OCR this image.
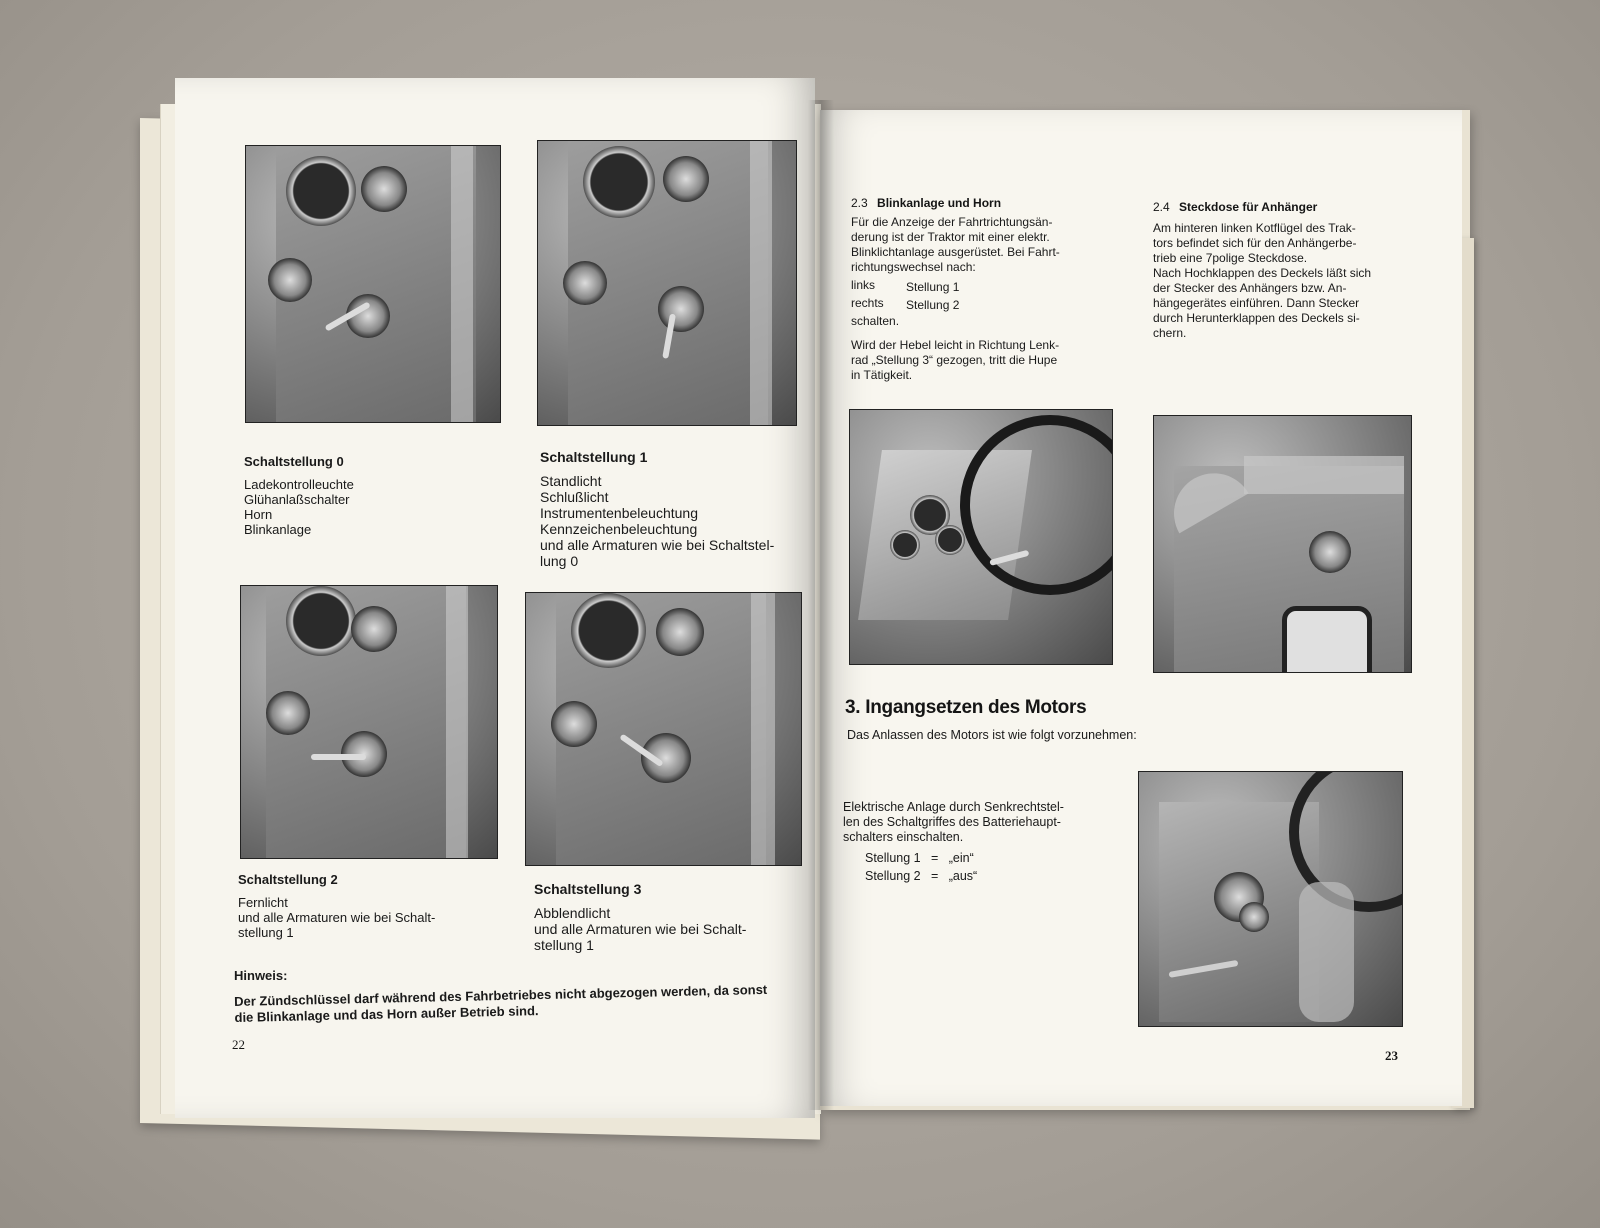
Schaltstellung 0
Ladekontrolleuchte
Glühanlaßschalter
Horn
Blinkanlage
Schaltstellung 1
Standlicht
Schlußlicht
Instrumentenbeleuchtung
Kennzeichenbeleuchtung
und alle Armaturen wie bei Schaltstel-
lung 0
Schaltstellung 2
Fernlicht
und alle Armaturen wie bei Schalt-
stellung 1
Schaltstellung 3
Abblendlicht
und alle Armaturen wie bei Schalt-
stellung 1
Hinweis:
Der Zündschlüssel darf während des Fahrbetriebes nicht abgezogen werden, da sonst
die Blinkanlage und das Horn außer Betrieb sind.
22
2.3 Blinkanlage und Horn
Für die Anzeige der Fahrtrichtungsän-
derung ist der Traktor mit einer elektr.
Blinklichtanlage ausgerüstet. Bei Fahrt-
richtungswechsel nach:
links	Stellung 1
rechts Stellung 2
schalten.
Wird der Hebel leicht in Richtung Lenk-
rad „Stellung 3“ gezogen, tritt die Hupe
in Tätigkeit.
2.4 Steckdose für Anhänger
Am hinteren linken Kotflügel des Trak-
tors befindet sich für den Anhängerbe-
trieb eine 7polige Steckdose.
Nach Hochklappen des Deckels läßt sich
der Stecker des Anhängers bzw. An-
hängegerätes einführen. Dann Stecker
durch Herunterklappen des Deckels si-
chern.
3. Ingangsetzen des Motors
Das Anlassen des Motors ist wie folgt vorzunehmen:
Elektrische Anlage durch Senkrechtstel-
len des Schaltgriffes des Batteriehaupt-
schalters einschalten.
Stellung 1   =   „ein“
Stellung 2   =   „aus“
23
